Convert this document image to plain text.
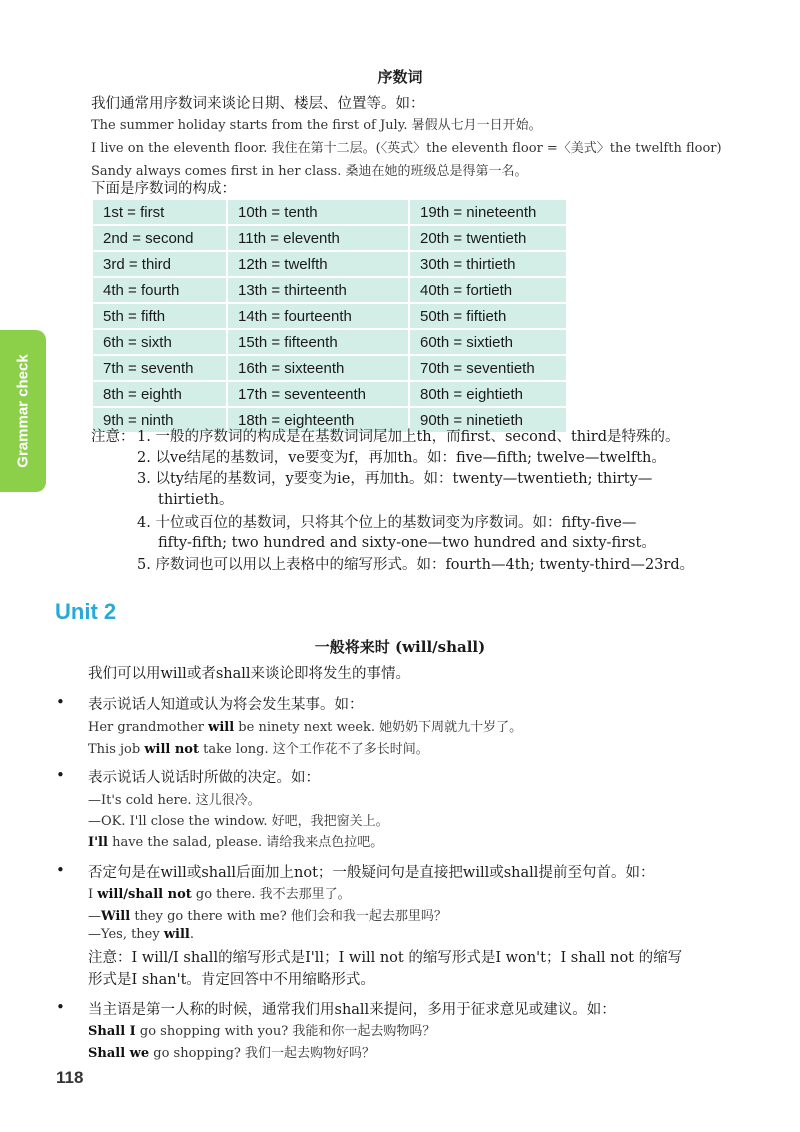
Grammar check
序数词
我们通常用序数词来谈论日期、楼层、位置等。如：
The summer holiday starts from the first of July. 暑假从七月一日开始。
I live on the eleventh floor. 我住在第十二层。(〈英式〉the eleventh floor =〈美式〉the twelfth floor)
Sandy always comes first in her class. 桑迪在她的班级总是得第一名。
下面是序数词的构成：
1st = first	10th = tenth	19th = nineteenth
2nd = second	11th = eleventh	20th = twentieth
3rd = third	12th = twelfth	30th = thirtieth
4th = fourth	13th = thirteenth	40th = fortieth
5th = fifth	14th = fourteenth	50th = fiftieth
6th = sixth	15th = fifteenth	60th = sixtieth
7th = seventh	16th = sixteenth	70th = seventieth
8th = eighth	17th = seventeenth	80th = eightieth
9th = ninth	18th = eighteenth	90th = ninetieth
注意： 1. 一般的序数词的构成是在基数词词尾加上th，而first、second、third是特殊的。
2. 以ve结尾的基数词，ve要变为f，再加th。如：five—fifth; twelve—twelfth。
3. 以ty结尾的基数词，y要变为ie，再加th。如：twenty—twentieth; thirty—
thirtieth。
4. 十位或百位的基数词，只将其个位上的基数词变为序数词。如：fifty-five—
fifty-fifth; two hundred and sixty-one—two hundred and sixty-first。
5. 序数词也可以用以上表格中的缩写形式。如：fourth—4th; twenty-third—23rd。
Unit 2
一般将来时 (will/shall)
我们可以用will或者shall来谈论即将发生的事情。
• 表示说话人知道或认为将会发生某事。如：
Her grandmother will be ninety next week. 她奶奶下周就九十岁了。
This job will not take long. 这个工作花不了多长时间。
• 表示说话人说话时所做的决定。如：
—It's cold here. 这儿很冷。
—OK. I'll close the window. 好吧，我把窗关上。
I'll have the salad, please. 请给我来点色拉吧。
• 否定句是在will或shall后面加上not；一般疑问句是直接把will或shall提前至句首。如：
I will/shall not go there. 我不去那里了。
—Will they go there with me? 他们会和我一起去那里吗？
—Yes, they will.
注意：I will/I shall的缩写形式是I'll；I will not 的缩写形式是I won't；I shall not 的缩写
形式是I shan't。肯定回答中不用缩略形式。
• 当主语是第一人称的时候，通常我们用shall来提问，多用于征求意见或建议。如：
Shall I go shopping with you? 我能和你一起去购物吗？
Shall we go shopping? 我们一起去购物好吗？
118
